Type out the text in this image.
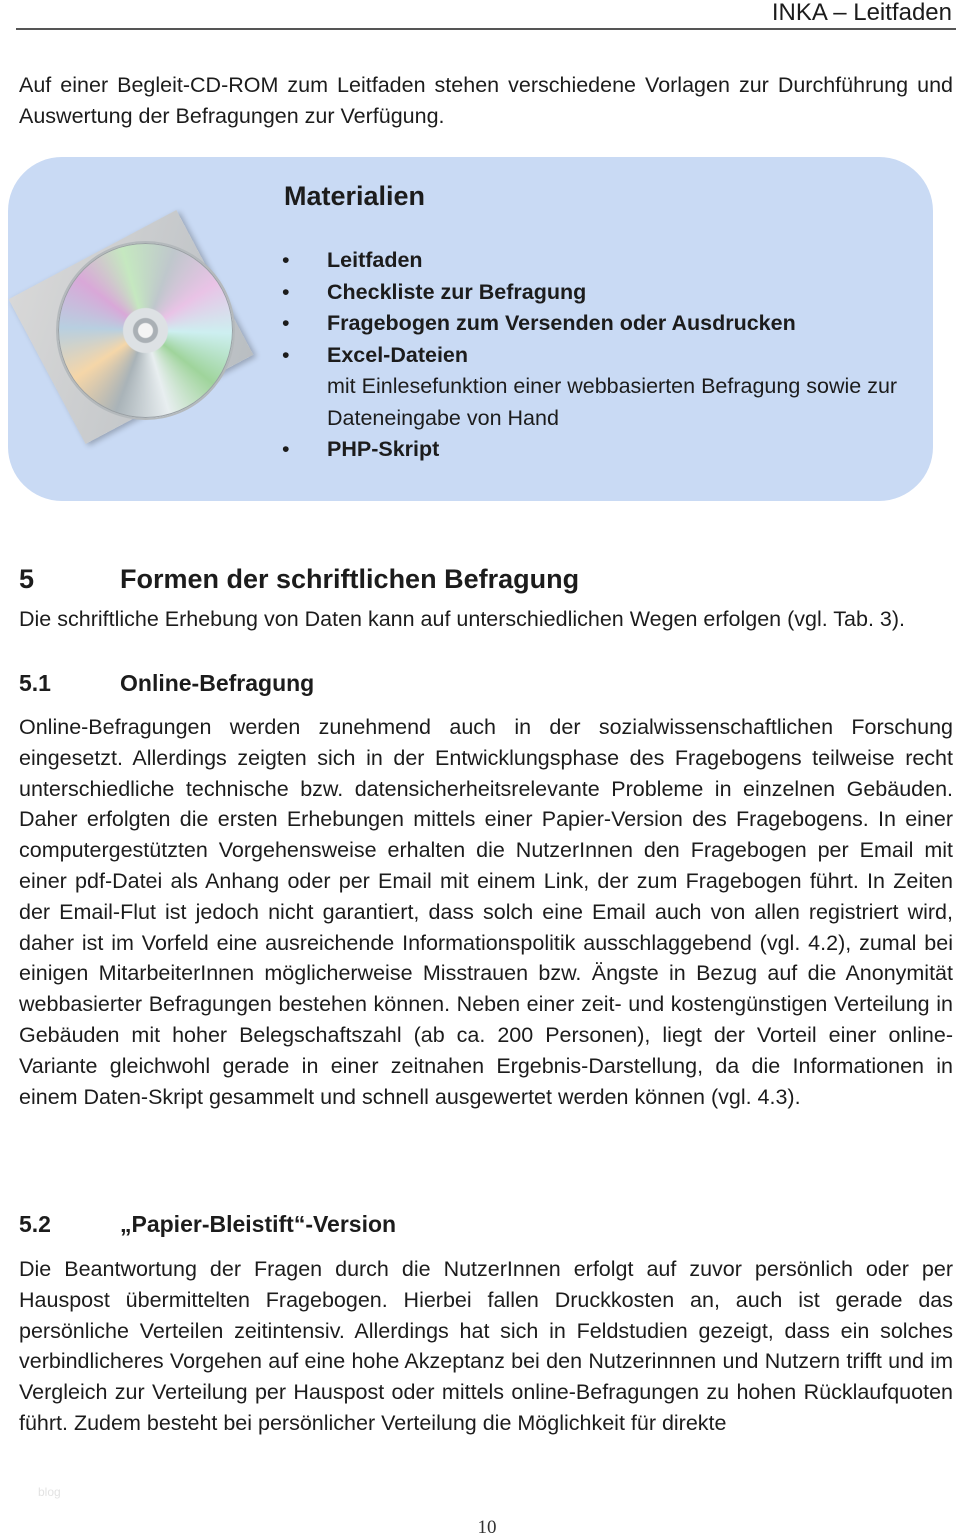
INKA – Leitfaden

Auf einer Begleit-CD-ROM zum Leitfaden stehen verschiedene Vorlagen zur Durchführung und Auswertung der Befragungen zur Verfügung.

Materialien
• Leitfaden
• Checkliste zur Befragung
• Fragebogen zum Versenden oder Ausdrucken
• Excel-Dateien
mit Einlesefunktion einer webbasierten Befragung sowie zur Dateneingabe von Hand
• PHP-Skript
5	Formen der schriftlichen Befragung

Die schriftliche Erhebung von Daten kann auf unterschiedlichen Wegen erfolgen (vgl. Tab. 3).

5.1	Online-Befragung

Online-Befragungen werden zunehmend auch in der sozialwissenschaftlichen Forschung eingesetzt. Allerdings zeigten sich in der Entwicklungsphase des Fragebogens teilweise recht unterschiedliche technische bzw. datensicherheitsrelevante Probleme in einzelnen Gebäuden. Daher erfolgten die ersten Erhebungen mittels einer Papier-Version des Fragebogens. In einer computergestützten Vorgehensweise erhalten die NutzerInnen den Fragebogen per Email mit einer pdf-Datei als Anhang oder per Email mit einem Link, der zum Fragebogen führt. In Zeiten der Email-Flut ist jedoch nicht garantiert, dass solch eine Email auch von allen registriert wird, daher ist im Vorfeld eine ausreichende Informationspolitik ausschlaggebend (vgl. 4.2), zumal bei einigen MitarbeiterInnen möglicherweise Misstrauen bzw. Ängste in Bezug auf die Anonymität webbasierter Befragungen bestehen können. Neben einer zeit- und kostengünstigen Verteilung in Gebäuden mit hoher Belegschaftszahl (ab ca. 200 Personen), liegt der Vorteil einer online-Variante gleichwohl gerade in einer zeitnahen Ergebnis-Darstellung, da die Informationen in einem Daten-Skript gesammelt und schnell ausgewertet werden können (vgl. 4.3).

5.2	„Papier-Bleistift“-Version

Die Beantwortung der Fragen durch die NutzerInnen erfolgt auf zuvor persönlich oder per Hauspost übermittelten Fragebogen. Hierbei fallen Druckkosten an, auch ist gerade das persönliche Verteilen zeitintensiv. Allerdings hat sich in Feldstudien gezeigt, dass ein solches verbindlicheres Vorgehen auf eine hohe Akzeptanz bei den Nutzerinnnen und Nutzern trifft und im Vergleich zur Verteilung per Hauspost oder mittels online-Befragungen zu hohen Rücklaufquoten führt. Zudem besteht bei persönlicher Verteilung die Möglichkeit für direkte

blog
10
